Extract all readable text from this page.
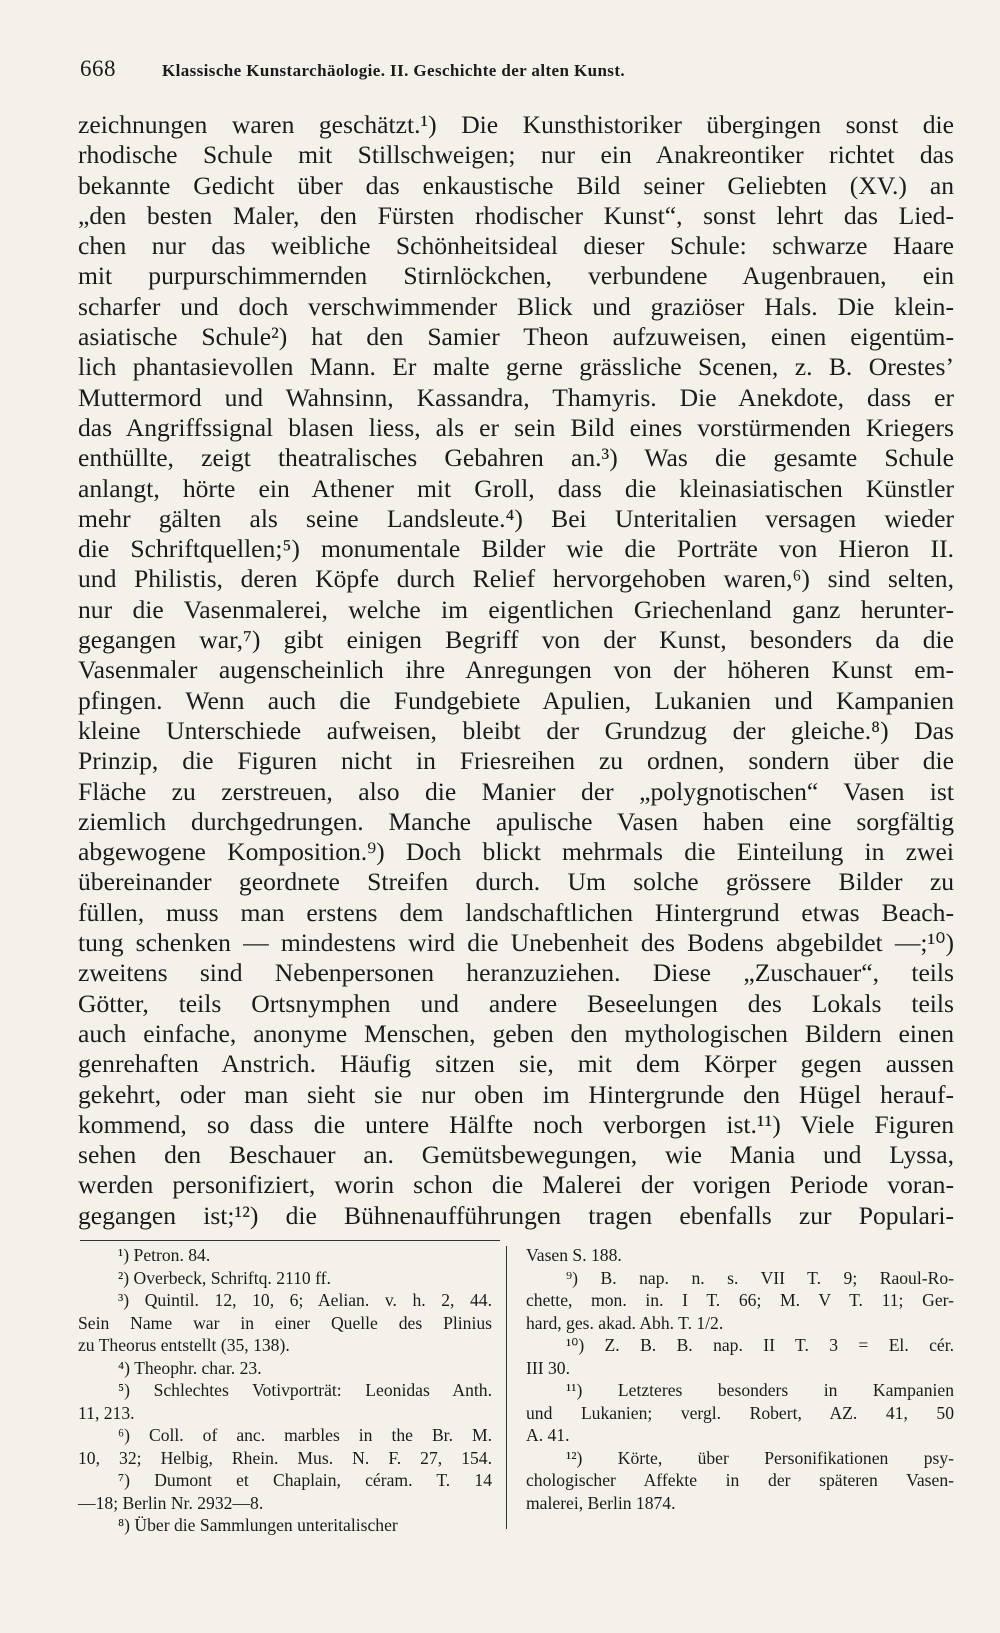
668	Klassische Kunstarchäologie. II. Geschichte der alten Kunst.
zeichnungen waren geschätzt.¹) Die Kunsthistoriker übergingen sonst die
rhodische Schule mit Stillschweigen; nur ein Anakreontiker richtet das
bekannte Gedicht über das enkaustische Bild seiner Geliebten (XV.) an
„den besten Maler, den Fürsten rhodischer Kunst“, sonst lehrt das Lied-
chen nur das weibliche Schönheitsideal dieser Schule: schwarze Haare
mit purpurschimmernden Stirnlöckchen, verbundene Augenbrauen, ein
scharfer und doch verschwimmender Blick und graziöser Hals. Die klein-
asiatische Schule²) hat den Samier Theon aufzuweisen, einen eigentüm-
lich phantasievollen Mann. Er malte gerne grässliche Scenen, z. B. Orestes’
Muttermord und Wahnsinn, Kassandra, Thamyris. Die Anekdote, dass er
das Angriffssignal blasen liess, als er sein Bild eines vorstürmenden Kriegers
enthüllte, zeigt theatralisches Gebahren an.³) Was die gesamte Schule
anlangt, hörte ein Athener mit Groll, dass die kleinasiatischen Künstler
mehr gälten als seine Landsleute.⁴) Bei Unteritalien versagen wieder
die Schriftquellen;⁵) monumentale Bilder wie die Porträte von Hieron II.
und Philistis, deren Köpfe durch Relief hervorgehoben waren,⁶) sind selten,
nur die Vasenmalerei, welche im eigentlichen Griechenland ganz herunter-
gegangen war,⁷) gibt einigen Begriff von der Kunst, besonders da die
Vasenmaler augenscheinlich ihre Anregungen von der höheren Kunst em-
pfingen. Wenn auch die Fundgebiete Apulien, Lukanien und Kampanien
kleine Unterschiede aufweisen, bleibt der Grundzug der gleiche.⁸) Das
Prinzip, die Figuren nicht in Friesreihen zu ordnen, sondern über die
Fläche zu zerstreuen, also die Manier der „polygnotischen“ Vasen ist
ziemlich durchgedrungen. Manche apulische Vasen haben eine sorgfältig
abgewogene Komposition.⁹) Doch blickt mehrmals die Einteilung in zwei
übereinander geordnete Streifen durch. Um solche grössere Bilder zu
füllen, muss man erstens dem landschaftlichen Hintergrund etwas Beach-
tung schenken — mindestens wird die Unebenheit des Bodens abgebildet —;¹⁰)
zweitens sind Nebenpersonen heranzuziehen. Diese „Zuschauer“, teils
Götter, teils Ortsnymphen und andere Beseelungen des Lokals teils
auch einfache, anonyme Menschen, geben den mythologischen Bildern einen
genrehaften Anstrich. Häufig sitzen sie, mit dem Körper gegen aussen
gekehrt, oder man sieht sie nur oben im Hintergrunde den Hügel herauf-
kommend, so dass die untere Hälfte noch verborgen ist.¹¹) Viele Figuren
sehen den Beschauer an. Gemütsbewegungen, wie Mania und Lyssa,
werden personifiziert, worin schon die Malerei der vorigen Periode voran-
gegangen ist;¹²) die Bühnenaufführungen tragen ebenfalls zur Populari-
¹) Petron. 84.
²) Overbeck, Schriftq. 2110 ff.
³) Quintil. 12, 10, 6; Aelian. v. h. 2, 44.
Sein Name war in einer Quelle des Plinius
zu Theorus entstellt (35, 138).
⁴) Theophr. char. 23.
⁵) Schlechtes Votivporträt: Leonidas Anth.
11, 213.
⁶) Coll. of anc. marbles in the Br. M.
10, 32; Helbig, Rhein. Mus. N. F. 27, 154.
⁷) Dumont et Chaplain, céram. T. 14
—18; Berlin Nr. 2932—8.
⁸) Über die Sammlungen unteritalischer
Vasen S. 188.
⁹) B. nap. n. s. VII T. 9; Raoul-Ro-
chette, mon. in. I T. 66; M. V T. 11; Ger-
hard, ges. akad. Abh. T. 1/2.
¹⁰) Z. B. B. nap. II T. 3 = El. cér.
III 30.
¹¹) Letzteres besonders in Kampanien
und Lukanien; vergl. Robert, AZ. 41, 50
A. 41.
¹²) Körte, über Personifikationen psy-
chologischer Affekte in der späteren Vasen-
malerei, Berlin 1874.
